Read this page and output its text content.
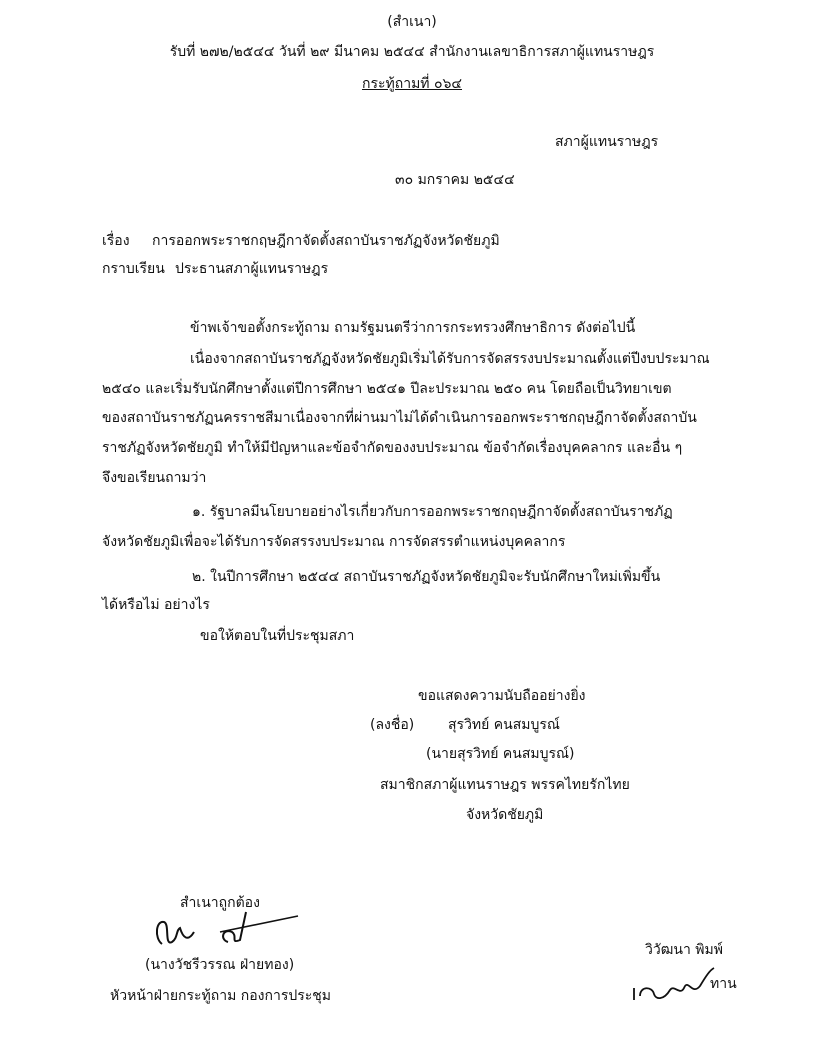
(สำเนา)
รับที่ ๒๗๒/๒๕๔๔ วันที่ ๒๙ มีนาคม ๒๕๔๔ สำนักงานเลขาธิการสภาผู้แทนราษฎร
กระทู้ถามที่ ๐๖๔
สภาผู้แทนราษฎร
๓๐ มกราคม ๒๕๔๔
เรื่อง การออกพระราชกฤษฎีกาจัดตั้งสถาบันราชภัฏจังหวัดชัยภูมิ
กราบเรียน ประธานสภาผู้แทนราษฎร
ข้าพเจ้าขอตั้งกระทู้ถาม ถามรัฐมนตรีว่าการกระทรวงศึกษาธิการ ดังต่อไปนี้
เนื่องจากสถาบันราชภัฏจังหวัดชัยภูมิเริ่มได้รับการจัดสรรงบประมาณตั้งแต่ปีงบประมาณ
๒๕๔๐ และเริ่มรับนักศึกษาตั้งแต่ปีการศึกษา ๒๕๔๑ ปีละประมาณ ๒๕๐ คน โดยถือเป็นวิทยาเขต
ของสถาบันราชภัฏนครราชสีมาเนื่องจากที่ผ่านมาไม่ได้ดำเนินการออกพระราชกฤษฎีกาจัดตั้งสถาบัน
ราชภัฏจังหวัดชัยภูมิ ทำให้มีปัญหาและข้อจำกัดของงบประมาณ ข้อจำกัดเรื่องบุคคลากร และอื่น ๆ
จึงขอเรียนถามว่า
๑. รัฐบาลมีนโยบายอย่างไรเกี่ยวกับการออกพระราชกฤษฎีกาจัดตั้งสถาบันราชภัฏ
จังหวัดชัยภูมิเพื่อจะได้รับการจัดสรรงบประมาณ การจัดสรรตำแหน่งบุคคลากร
๒. ในปีการศึกษา ๒๕๔๔ สถาบันราชภัฏจังหวัดชัยภูมิจะรับนักศึกษาใหม่เพิ่มขึ้น
ได้หรือไม่ อย่างไร
ขอให้ตอบในที่ประชุมสภา
ขอแสดงความนับถืออย่างยิ่ง
(ลงชื่อ) สุรวิทย์ คนสมบูรณ์
(นายสุรวิทย์ คนสมบูรณ์)
สมาชิกสภาผู้แทนราษฎร พรรคไทยรักไทย
จังหวัดชัยภูมิ
สำเนาถูกต้อง
(นางวัชรีวรรณ ฝ่ายทอง)
หัวหน้าฝ่ายกระทู้ถาม กองการประชุม
วิวัฒนา พิมพ์
ทาน
